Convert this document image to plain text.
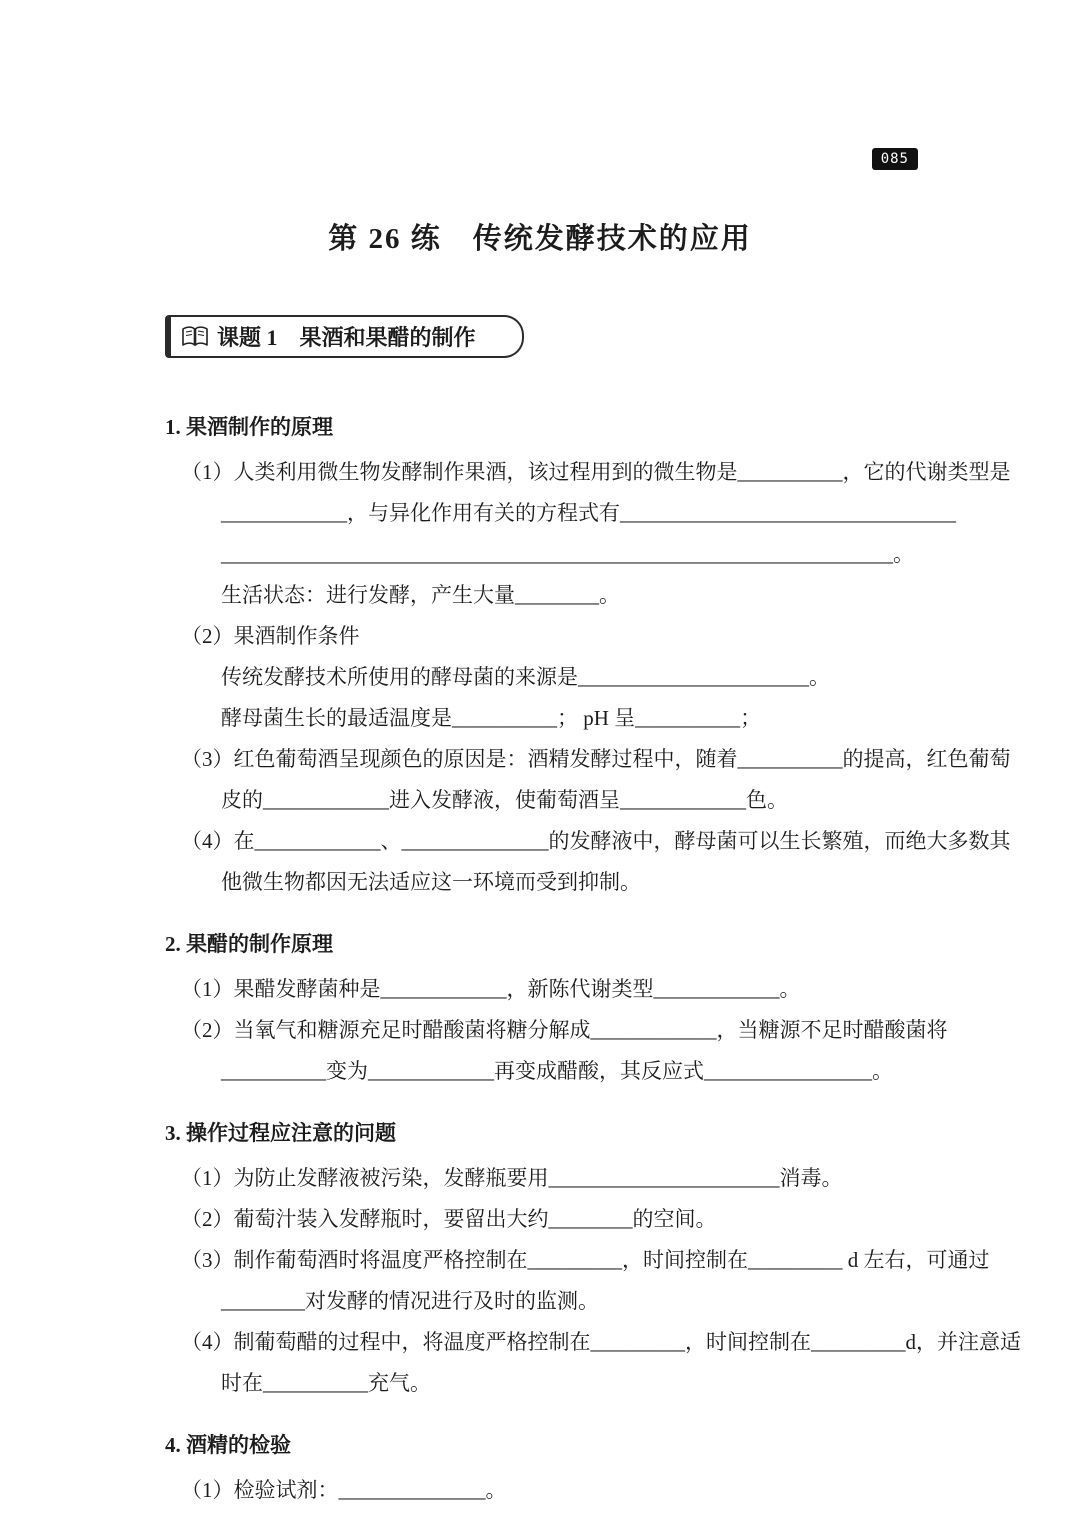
085
第 26 练　传统发酵技术的应用
课题 1　果酒和果醋的制作
1. 果酒制作的原理
（1）人类利用微生物发酵制作果酒，该过程用到的微生物是__________，它的代谢类型是
____________，与异化作用有关的方程式有________________________________
________________________________________________________________。
生活状态：进行发酵，产生大量________。
（2）果酒制作条件
传统发酵技术所使用的酵母菌的来源是______________________。
酵母菌生长的最适温度是__________； pH 呈__________；
（3）红色葡萄酒呈现颜色的原因是：酒精发酵过程中，随着__________的提高，红色葡萄
皮的____________进入发酵液，使葡萄酒呈____________色。
（4）在____________、______________的发酵液中，酵母菌可以生长繁殖，而绝大多数其
他微生物都因无法适应这一环境而受到抑制。
2. 果醋的制作原理
（1）果醋发酵菌种是____________，新陈代谢类型____________。
（2）当氧气和糖源充足时醋酸菌将糖分解成____________，当糖源不足时醋酸菌将
__________变为____________再变成醋酸，其反应式________________。
3. 操作过程应注意的问题
（1）为防止发酵液被污染，发酵瓶要用______________________消毒。
（2）葡萄汁装入发酵瓶时，要留出大约________的空间。
（3）制作葡萄酒时将温度严格控制在_________，时间控制在_________ d 左右，可通过
________对发酵的情况进行及时的监测。
（4）制葡萄醋的过程中，将温度严格控制在_________，时间控制在_________d，并注意适
时在__________充气。
4. 酒精的检验
（1）检验试剂：______________。
